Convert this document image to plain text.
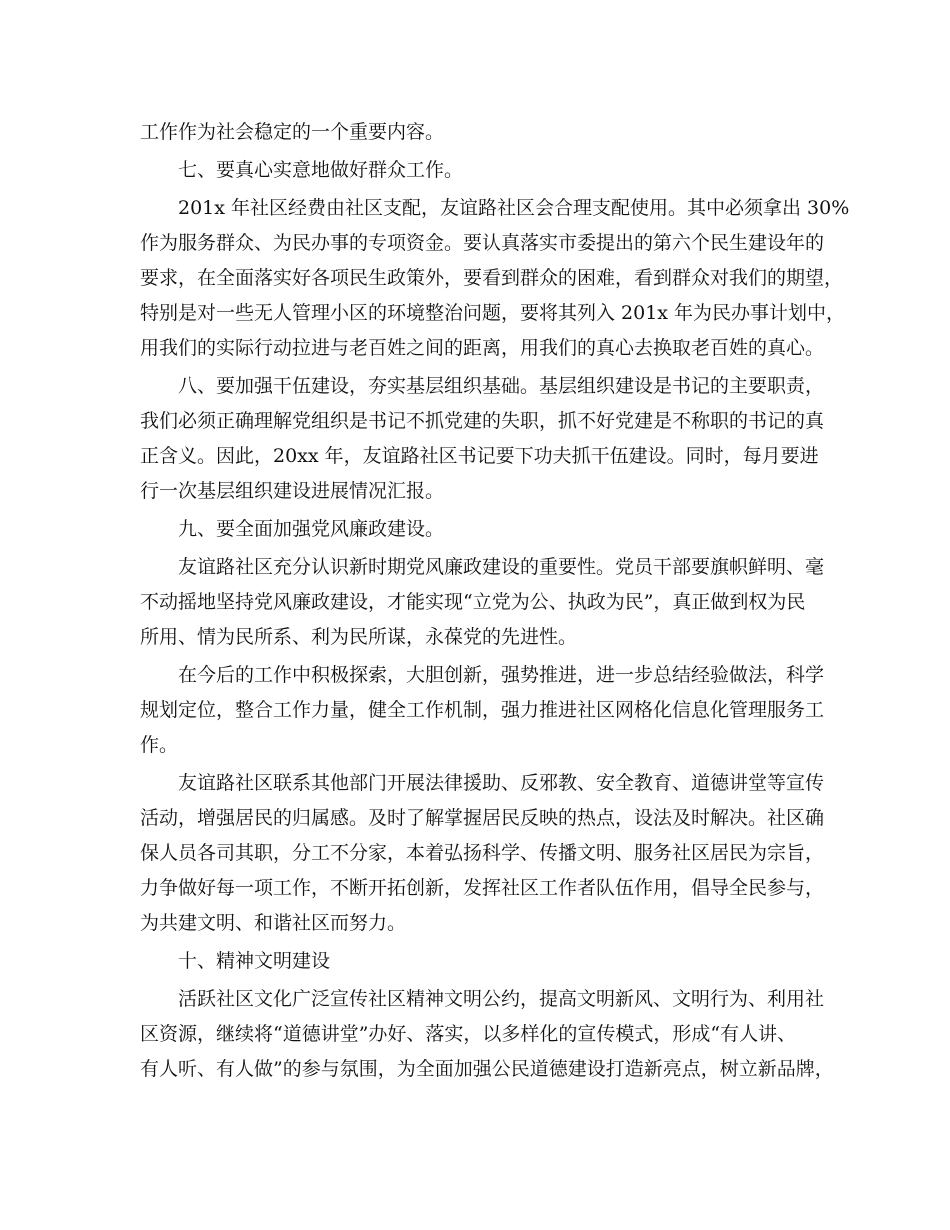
工作作为社会稳定的一个重要内容。
七、要真心实意地做好群众工作。
201x 年社区经费由社区支配，友谊路社区会合理支配使用。其中必须拿出 30%
作为服务群众、为民办事的专项资金。要认真落实市委提出的第六个民生建设年的
要求，在全面落实好各项民生政策外，要看到群众的困难，看到群众对我们的期望，
特别是对一些无人管理小区的环境整治问题，要将其列入 201x 年为民办事计划中，
用我们的实际行动拉进与老百姓之间的距离，用我们的真心去换取老百姓的真心。
八、要加强干伍建设，夯实基层组织基础。基层组织建设是书记的主要职责，
我们必须正确理解党组织是书记不抓党建的失职，抓不好党建是不称职的书记的真
正含义。因此，20xx 年，友谊路社区书记要下功夫抓干伍建设。同时，每月要进
行一次基层组织建设进展情况汇报。
九、要全面加强党风廉政建设。
友谊路社区充分认识新时期党风廉政建设的重要性。党员干部要旗帜鲜明、毫
不动摇地坚持党风廉政建设，才能实现“立党为公、执政为民”，真正做到权为民
所用、情为民所系、利为民所谋，永葆党的先进性。
在今后的工作中积极探索，大胆创新，强势推进，进一步总结经验做法，科学
规划定位，整合工作力量，健全工作机制，强力推进社区网格化信息化管理服务工
作。
友谊路社区联系其他部门开展法律援助、反邪教、安全教育、道德讲堂等宣传
活动，增强居民的归属感。及时了解掌握居民反映的热点，设法及时解决。社区确
保人员各司其职，分工不分家，本着弘扬科学、传播文明、服务社区居民为宗旨，
力争做好每一项工作，不断开拓创新，发挥社区工作者队伍作用，倡导全民参与，
为共建文明、和谐社区而努力。
十、精神文明建设
活跃社区文化广泛宣传社区精神文明公约，提高文明新风、文明行为、利用社
区资源，继续将“道德讲堂”办好、落实，以多样化的宣传模式，形成“有人讲、
有人听、有人做”的参与氛围，为全面加强公民道德建设打造新亮点，树立新品牌，
